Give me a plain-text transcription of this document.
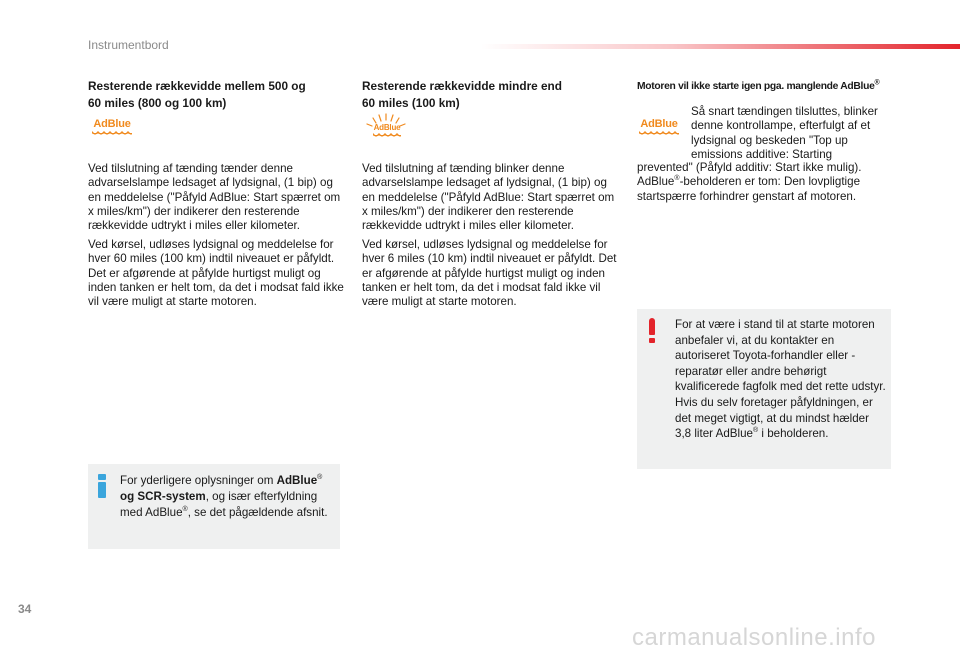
Instrumentbord
Resterende rækkevidde mellem 500 og
60 miles (800 og 100 km)
AdBlue

Ved tilslutning af tænding tænder denne advarselslampe ledsaget af lydsignal, (1 bip) og en meddelelse ("Påfyld AdBlue: Start spærret om x miles/km") der indikerer den resterende rækkevidde udtrykt i miles eller kilometer.

Ved kørsel, udløses lydsignal og meddelelse for hver 60 miles (100 km) indtil niveauet er påfyldt. Det er afgørende at påfylde hurtigst muligt og inden tanken er helt tom, da det i modsat fald ikke vil være muligt at starte motoren.

Resterende rækkevidde mindre end
60 miles (100 km)
AdBlue

Ved tilslutning af tænding blinker denne advarselslampe ledsaget af lydsignal, (1 bip) og en meddelelse ("Påfyld AdBlue: Start spærret om x miles/km") der indikerer den resterende rækkevidde udtrykt i miles eller kilometer.

Ved kørsel, udløses lydsignal og meddelelse for hver 6 miles (10 km) indtil niveauet er påfyldt. Det er afgørende at påfylde hurtigst muligt og inden tanken er helt tom, da det i modsat fald ikke vil være muligt at starte motoren.

Motoren vil ikke starte igen pga. manglende AdBlue®
AdBlue

Så snart tændingen tilsluttes, blinker denne kontrollampe, efterfulgt af et lydsignal og beskeden "Top up emissions additive: Starting

prevented" (Påfyld additiv: Start ikke mulig). AdBlue®-beholderen er tom: Den lovpligtige startspærre forhindrer genstart af motoren.

For yderligere oplysninger om AdBlue® og SCR-system, og især efterfyldning med AdBlue®, se det pågældende afsnit.
For at være i stand til at starte motoren anbefaler vi, at du kontakter en autoriseret Toyota-forhandler eller -reparatør eller andre behørigt kvalificerede fagfolk med det rette udstyr.
Hvis du selv foretager påfyldningen, er det meget vigtigt, at du mindst hælder 3,8 liter AdBlue® i beholderen.
34
carmanualsonline.info
